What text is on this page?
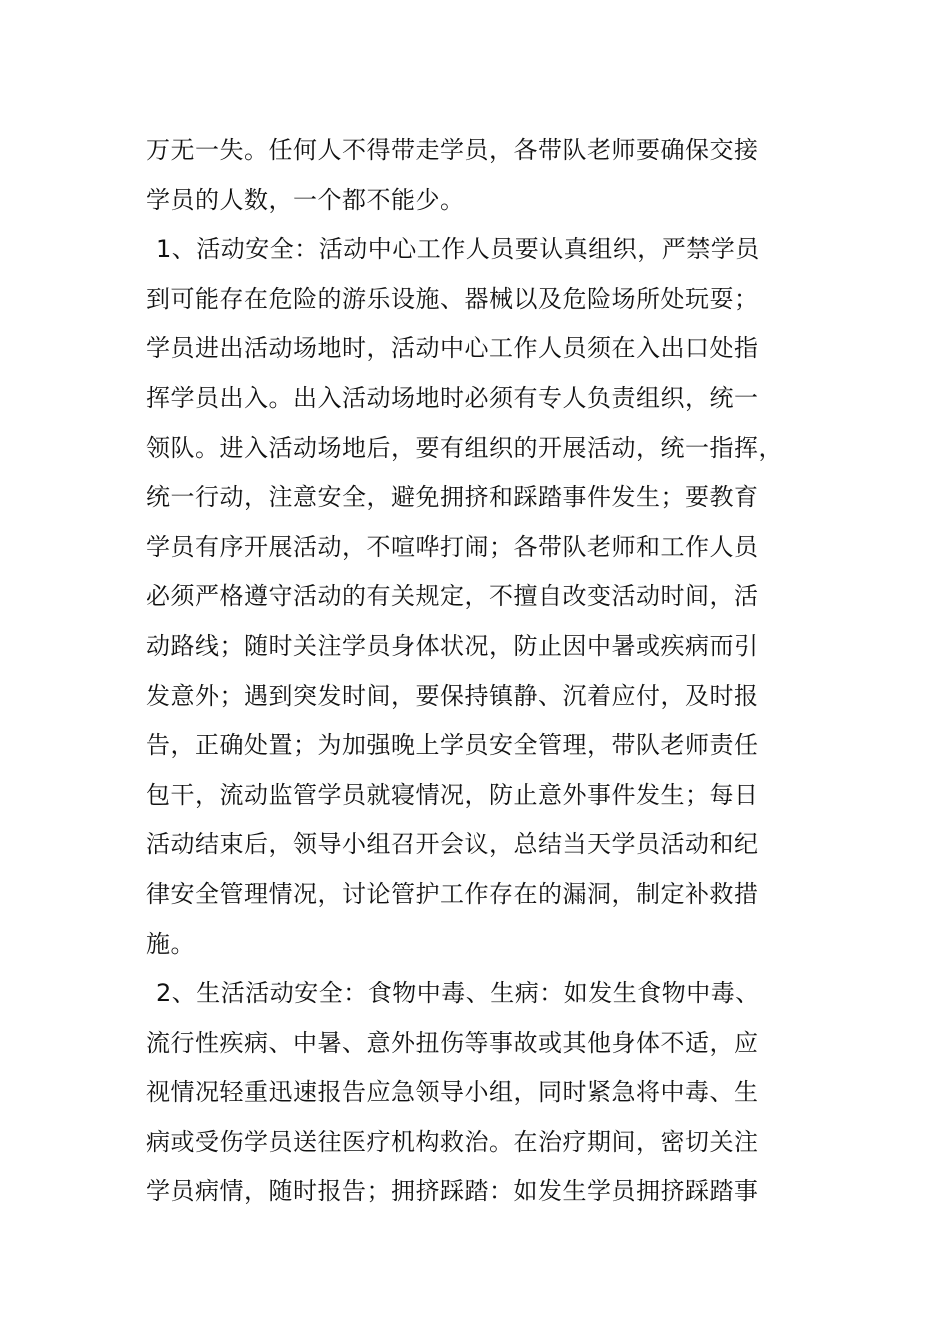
万无一失。任何人不得带走学员，各带队老师要确保交接
学员的人数，一个都不能少。
1、活动安全：活动中心工作人员要认真组织，严禁学员
到可能存在危险的游乐设施、器械以及危险场所处玩耍；
学员进出活动场地时，活动中心工作人员须在入出口处指
挥学员出入。出入活动场地时必须有专人负责组织，统一
领队。进入活动场地后，要有组织的开展活动，统一指挥，
统一行动，注意安全，避免拥挤和踩踏事件发生；要教育
学员有序开展活动，不喧哗打闹；各带队老师和工作人员
必须严格遵守活动的有关规定，不擅自改变活动时间，活
动路线；随时关注学员身体状况，防止因中暑或疾病而引
发意外；遇到突发时间，要保持镇静、沉着应付，及时报
告，正确处置；为加强晚上学员安全管理，带队老师责任
包干，流动监管学员就寝情况，防止意外事件发生；每日
活动结束后，领导小组召开会议，总结当天学员活动和纪
律安全管理情况，讨论管护工作存在的漏洞，制定补救措
施。
2、生活活动安全：食物中毒、生病：如发生食物中毒、
流行性疾病、中暑、意外扭伤等事故或其他身体不适，应
视情况轻重迅速报告应急领导小组，同时紧急将中毒、生
病或受伤学员送往医疗机构救治。在治疗期间，密切关注
学员病情，随时报告；拥挤踩踏：如发生学员拥挤踩踏事
